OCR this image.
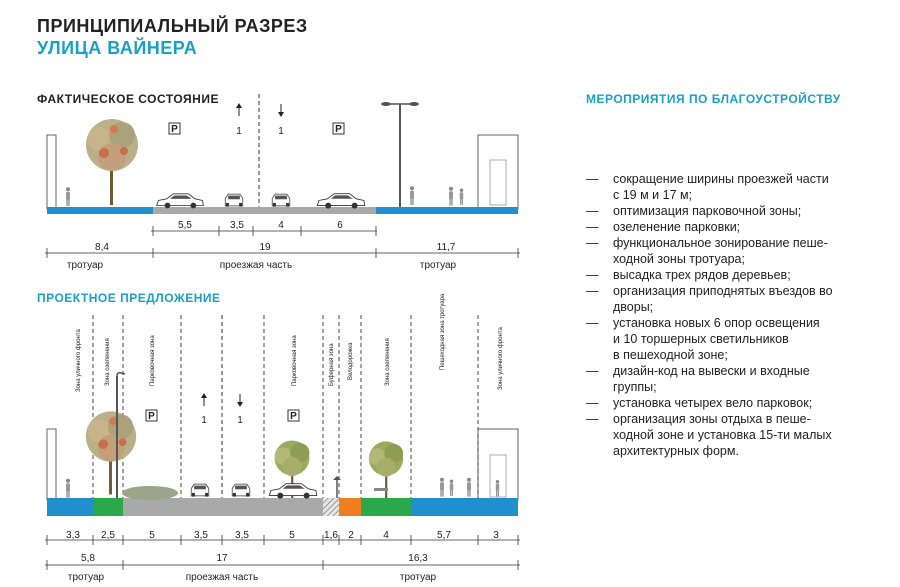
ПРИНЦИПИАЛЬНЫЙ РАЗРЕЗ
УЛИЦА ВАЙНЕРА
ФАКТИЧЕСКОЕ СОСТОЯНИЕ
ПРОЕКТНОЕ ПРЕДЛОЖЕНИЕ
МЕРОПРИЯТИЯ ПО БЛАГОУСТРОЙСТВУ
—	сокращение ширины проезжей части
с 19 м и 17 м;
—	оптимизация парковочной зоны;
—	озеленение парковки;
—	функциональное зонирование пеше-
ходной зоны тротуара;
—	высадка трех рядов деревьев;
—	организация приподнятых въездов во
дворы;
—	установка новых 6 опор освещения
и 10 торшерных светильников
в пешеходной зоне;
—	дизайн-код на вывески и входные
группы;
—	установка четырех вело парковок;
—	организация зоны отдыха в пеше-
ходной зоне и установка 15-ти малых
архитектурных форм.
P	P
1	1
5,5	3,5	4	6
8,4	19	11,7
тротуар	проезжая часть	тротуар
Зона уличного фронта	Зона озеленения	Парковочная зона	Парковочная зона	Буферная зона Велодорожка	Зона озеленения	Пешеходная зона тротуара	Зона уличного фронта
P	P
1	1
3,3 2,5	5	3,5	3,5	5	1,6 2	4	5,7	3
5,8	17	16,3
тротуар	проезжая часть	тротуар
